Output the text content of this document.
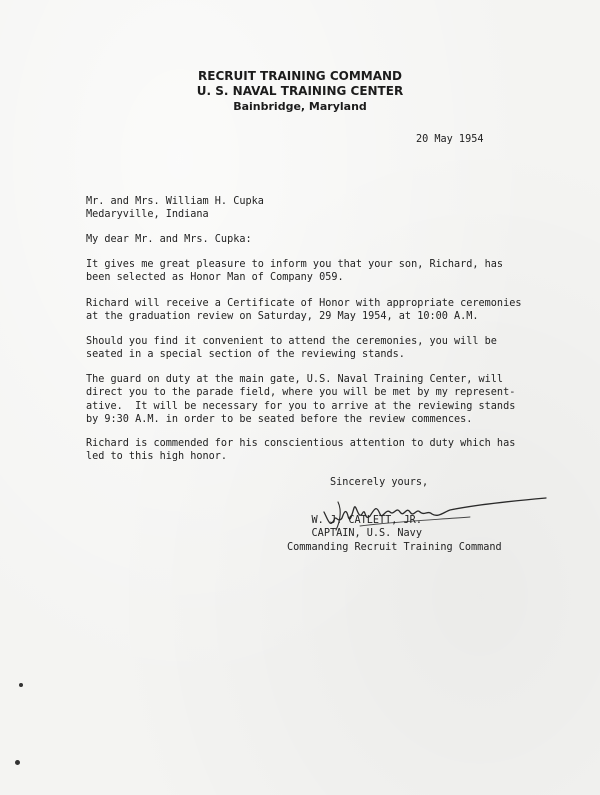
RECRUIT TRAINING COMMAND
U. S. NAVAL TRAINING CENTER
Bainbridge, Maryland
20 May 1954
Mr. and Mrs. William H. Cupka
Medaryville, Indiana
My dear Mr. and Mrs. Cupka:
It gives me great pleasure to inform you that your son, Richard, has
been selected as Honor Man of Company 059.
Richard will receive a Certificate of Honor with appropriate ceremonies
at the graduation review on Saturday, 29 May 1954, at 10:00 A.M.
Should you find it convenient to attend the ceremonies, you will be
seated in a special section of the reviewing stands.
The guard on duty at the main gate, U.S. Naval Training Center, will
direct you to the parade field, where you will be met by my represent-
ative.  It will be necessary for you to arrive at the reviewing stands
by 9:30 A.M. in order to be seated before the review commences.
Richard is commended for his conscientious attention to duty which has
led to this high honor.
Sincerely yours,
W. J. CATLETT, JR.
CAPTAIN, U.S. Navy
Commanding Recruit Training Command
